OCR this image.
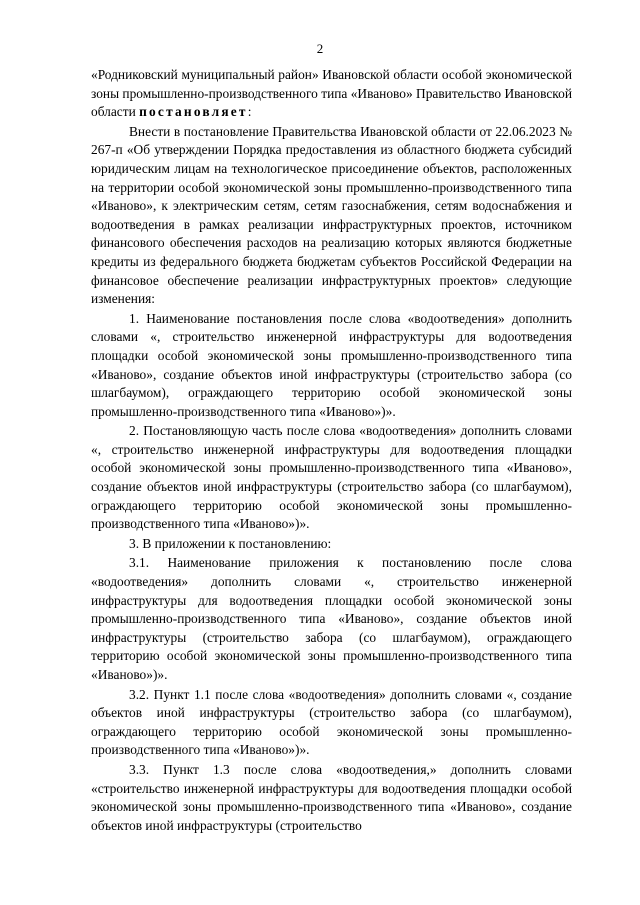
2

«Родниковский муниципальный район» Ивановской области особой экономической зоны промышленно-производственного типа «Иваново» Правительство Ивановской области постановляет:

Внести в постановление Правительства Ивановской области от 22.06.2023 № 267-п «Об утверждении Порядка предоставления из областного бюджета субсидий юридическим лицам на технологическое присоединение объектов, расположенных на территории особой экономической зоны промышленно-производственного типа «Иваново», к электрическим сетям, сетям газоснабжения, сетям водоснабжения и водоотведения в рамках реализации инфраструктурных проектов, источником финансового обеспечения расходов на реализацию которых являются бюджетные кредиты из федерального бюджета бюджетам субъектов Российской Федерации на финансовое обеспечение реализации инфраструктурных проектов» следующие изменения:

1. Наименование постановления после слова «водоотведения» дополнить словами «, строительство инженерной инфраструктуры для водоотведения площадки особой экономической зоны промышленно-производственного типа «Иваново», создание объектов иной инфраструктуры (строительство забора (со шлагбаумом), ограждающего территорию особой экономической зоны промышленно-производственного типа «Иваново»)».

2. Постановляющую часть после слова «водоотведения» дополнить словами «, строительство инженерной инфраструктуры для водоотведения площадки особой экономической зоны промышленно-производственного типа «Иваново», создание объектов иной инфраструктуры (строительство забора (со шлагбаумом), ограждающего территорию особой экономической зоны промышленно-производственного типа «Иваново»)».

3. В приложении к постановлению:

3.1. Наименование приложения к постановлению после слова «водоотведения» дополнить словами «, строительство инженерной инфраструктуры для водоотведения площадки особой экономической зоны промышленно-производственного типа «Иваново», создание объектов иной инфраструктуры (строительство забора (со шлагбаумом), ограждающего территорию особой экономической зоны промышленно-производственного типа «Иваново»)».

3.2. Пункт 1.1 после слова «водоотведения» дополнить словами «, создание объектов иной инфраструктуры (строительство забора (со шлагбаумом), ограждающего территорию особой экономической зоны промышленно-производственного типа «Иваново»)».

3.3. Пункт 1.3 после слова «водоотведения,» дополнить словами «строительство инженерной инфраструктуры для водоотведения площадки особой экономической зоны промышленно-производственного типа «Иваново», создание объектов иной инфраструктуры (строительство
